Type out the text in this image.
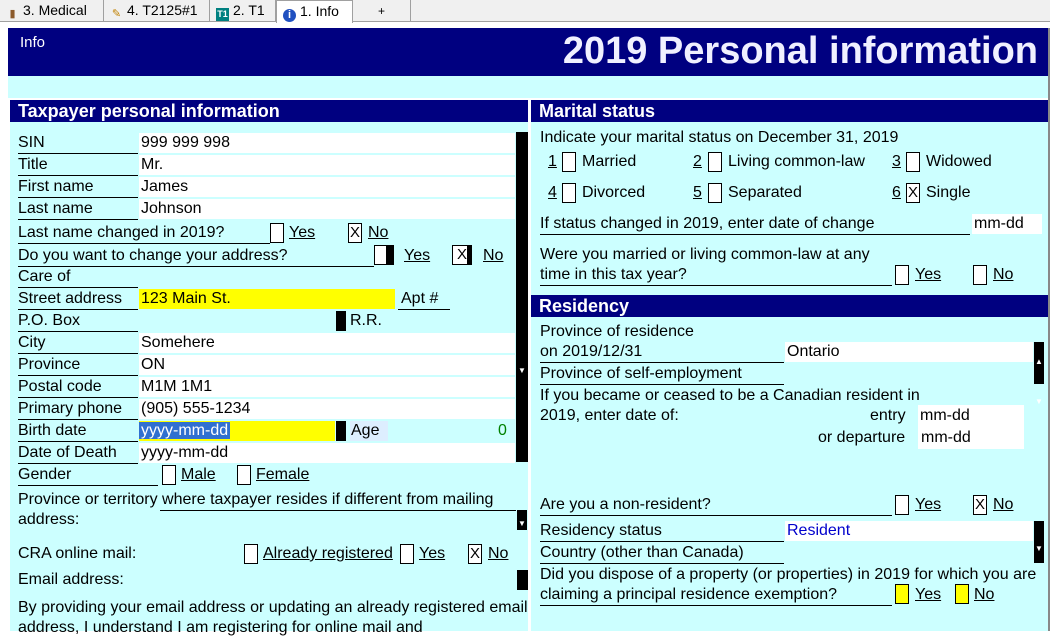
▮ 3. Medical	✎ 4. T2125#1	T1 2. T1	i 1. Info	+
Info	2019 Personal information
Taxpayer personal information
SIN	999 999 998
Title	Mr.
First name	James
Last name	Johnson
Last name changed in 2019?	Yes X No
Do you want to change your address?	Yes	X	No
Care of
Street address	123 Main St.	Apt #
P.O. Box	R.R.
City	Somehere
Province	ON	▼
Postal code	M1M 1M1
Primary phone	(905) 555-1234
Birth date	yyyy-mm-dd	Age	0
Date of Death	yyyy-mm-dd
Gender	Male	Female
Province or territory where taxpayer resides if different from mailing
address:	▼
CRA online mail:	Already registered Yes X No
Email address:
By providing your email address or updating an already registered email
address, I understand I am registering for online mail and
Marital status
Indicate your marital status on December 31, 2019
1 Married	2 Living common-law 3 Widowed
4 Divorced	5 Separated	6 X Single
If status changed in 2019, enter date of change	mm-dd
Were you married or living common-law at any
time in this tax year?	Yes	No
Residency
Province of residence
on 2019/12/31	Ontario
▲
▼
Province of self-employment
If you became or ceased to be a Canadian resident in
2019, enter date of:	entry mm-dd
or departure mm-dd
Are you a non-resident?	Yes X No
Residency status	Resident
▼
Country (other than Canada)
Did you dispose of a property (or properties) in 2019 for which you are
claiming a principal residence exemption?	Yes No
